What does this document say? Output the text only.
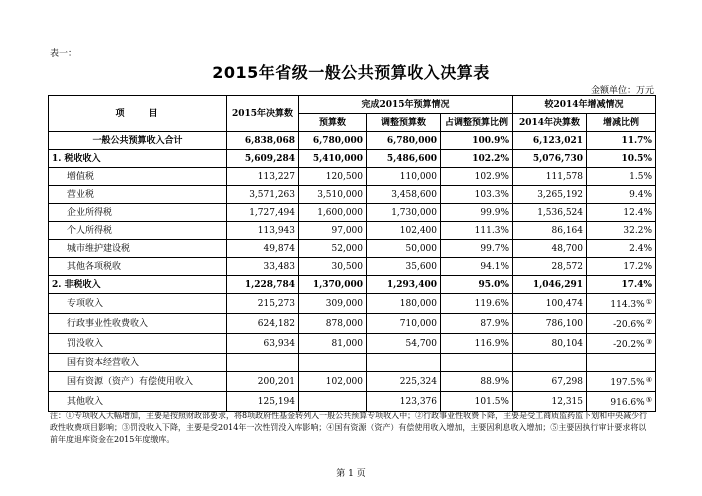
表一：
2015年省级一般公共预算收入决算表
金额单位：万元
项　　目	2015年决算数	完成2015年预算情况			较2014年增减情况	
		预算数	调整预算数	占调整预算比例	2014年决算数	增减比例
一般公共预算收入合计	6,838,068	6,780,000	6,780,000	100.9%	6,123,021	11.7%
1. 税收收入	5,609,284	5,410,000	5,486,600	102.2%	5,076,730	10.5%
增值税	113,227	120,500	110,000	102.9%	111,578	1.5%
营业税	3,571,263	3,510,000	3,458,600	103.3%	3,265,192	9.4%
企业所得税	1,727,494	1,600,000	1,730,000	99.9%	1,536,524	12.4%
个人所得税	113,943	97,000	102,400	111.3%	86,164	32.2%
城市维护建设税	49,874	52,000	50,000	99.7%	48,700	2.4%
其他各项税收	33,483	30,500	35,600	94.1%	28,572	17.2%
2. 非税收入	1,228,784	1,370,000	1,293,400	95.0%	1,046,291	17.4%
专项收入	215,273	309,000	180,000	119.6%	100,474	114.3%①
行政事业性收费收入	624,182	878,000	710,000	87.9%	786,100	-20.6%②
罚没收入	63,934	81,000	54,700	116.9%	80,104	-20.2%③
国有资本经营收入						
国有资源（资产）有偿使用收入	200,201	102,000	225,324	88.9%	67,298	197.5%④
其他收入	125,194		123,376	101.5%	12,315	916.6%⑤
注：①专项收入大幅增加，主要是按照财政部要求，将8项政府性基金转列入一般公共预算专项收入中；②行政事业性收费下降，主要是受工商质监药监下划和中央减少行政性收费项目影响；③罚没收入下降，主要是受2014年一次性罚没入库影响；④国有资源（资产）有偿使用收入增加，主要因利息收入增加；⑤主要因执行审计要求将以前年度退库资金在2015年度缴库。
第 1 页
